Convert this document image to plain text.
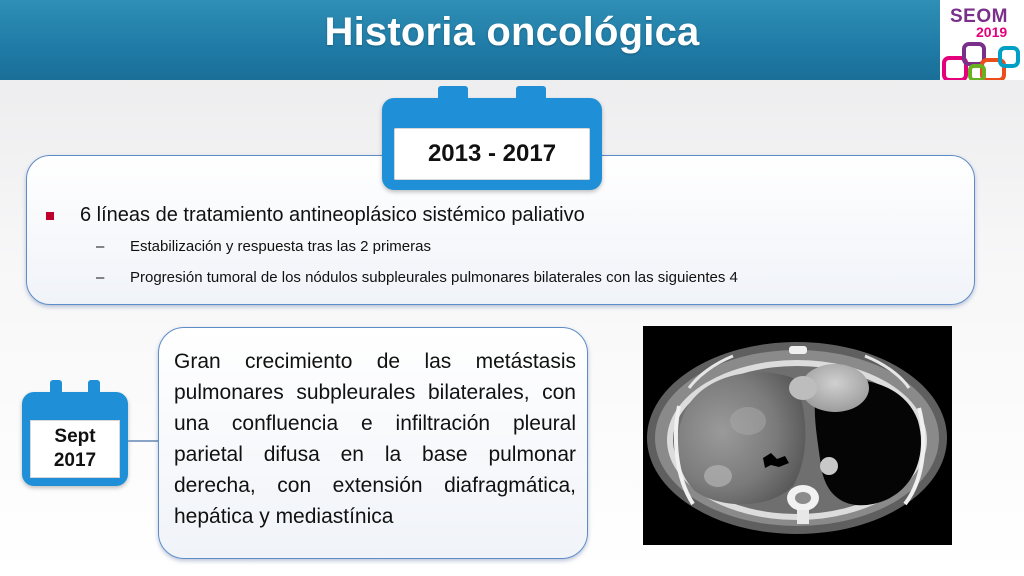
Historia oncológica	SEOM
2019
2013 - 2017
6 líneas de tratamiento antineoplásico sistémico paliativo
–	Estabilización y respuesta tras las 2 primeras
–	Progresión tumoral de los nódulos subpleurales pulmonares bilaterales con las siguientes 4
Sept
2017
Gran crecimiento de las metástasis pulmonares subpleurales bilaterales, con una confluencia e infiltración pleural parietal difusa en la base pulmonar derecha, con extensión diafragmática, hepática y mediastínica
